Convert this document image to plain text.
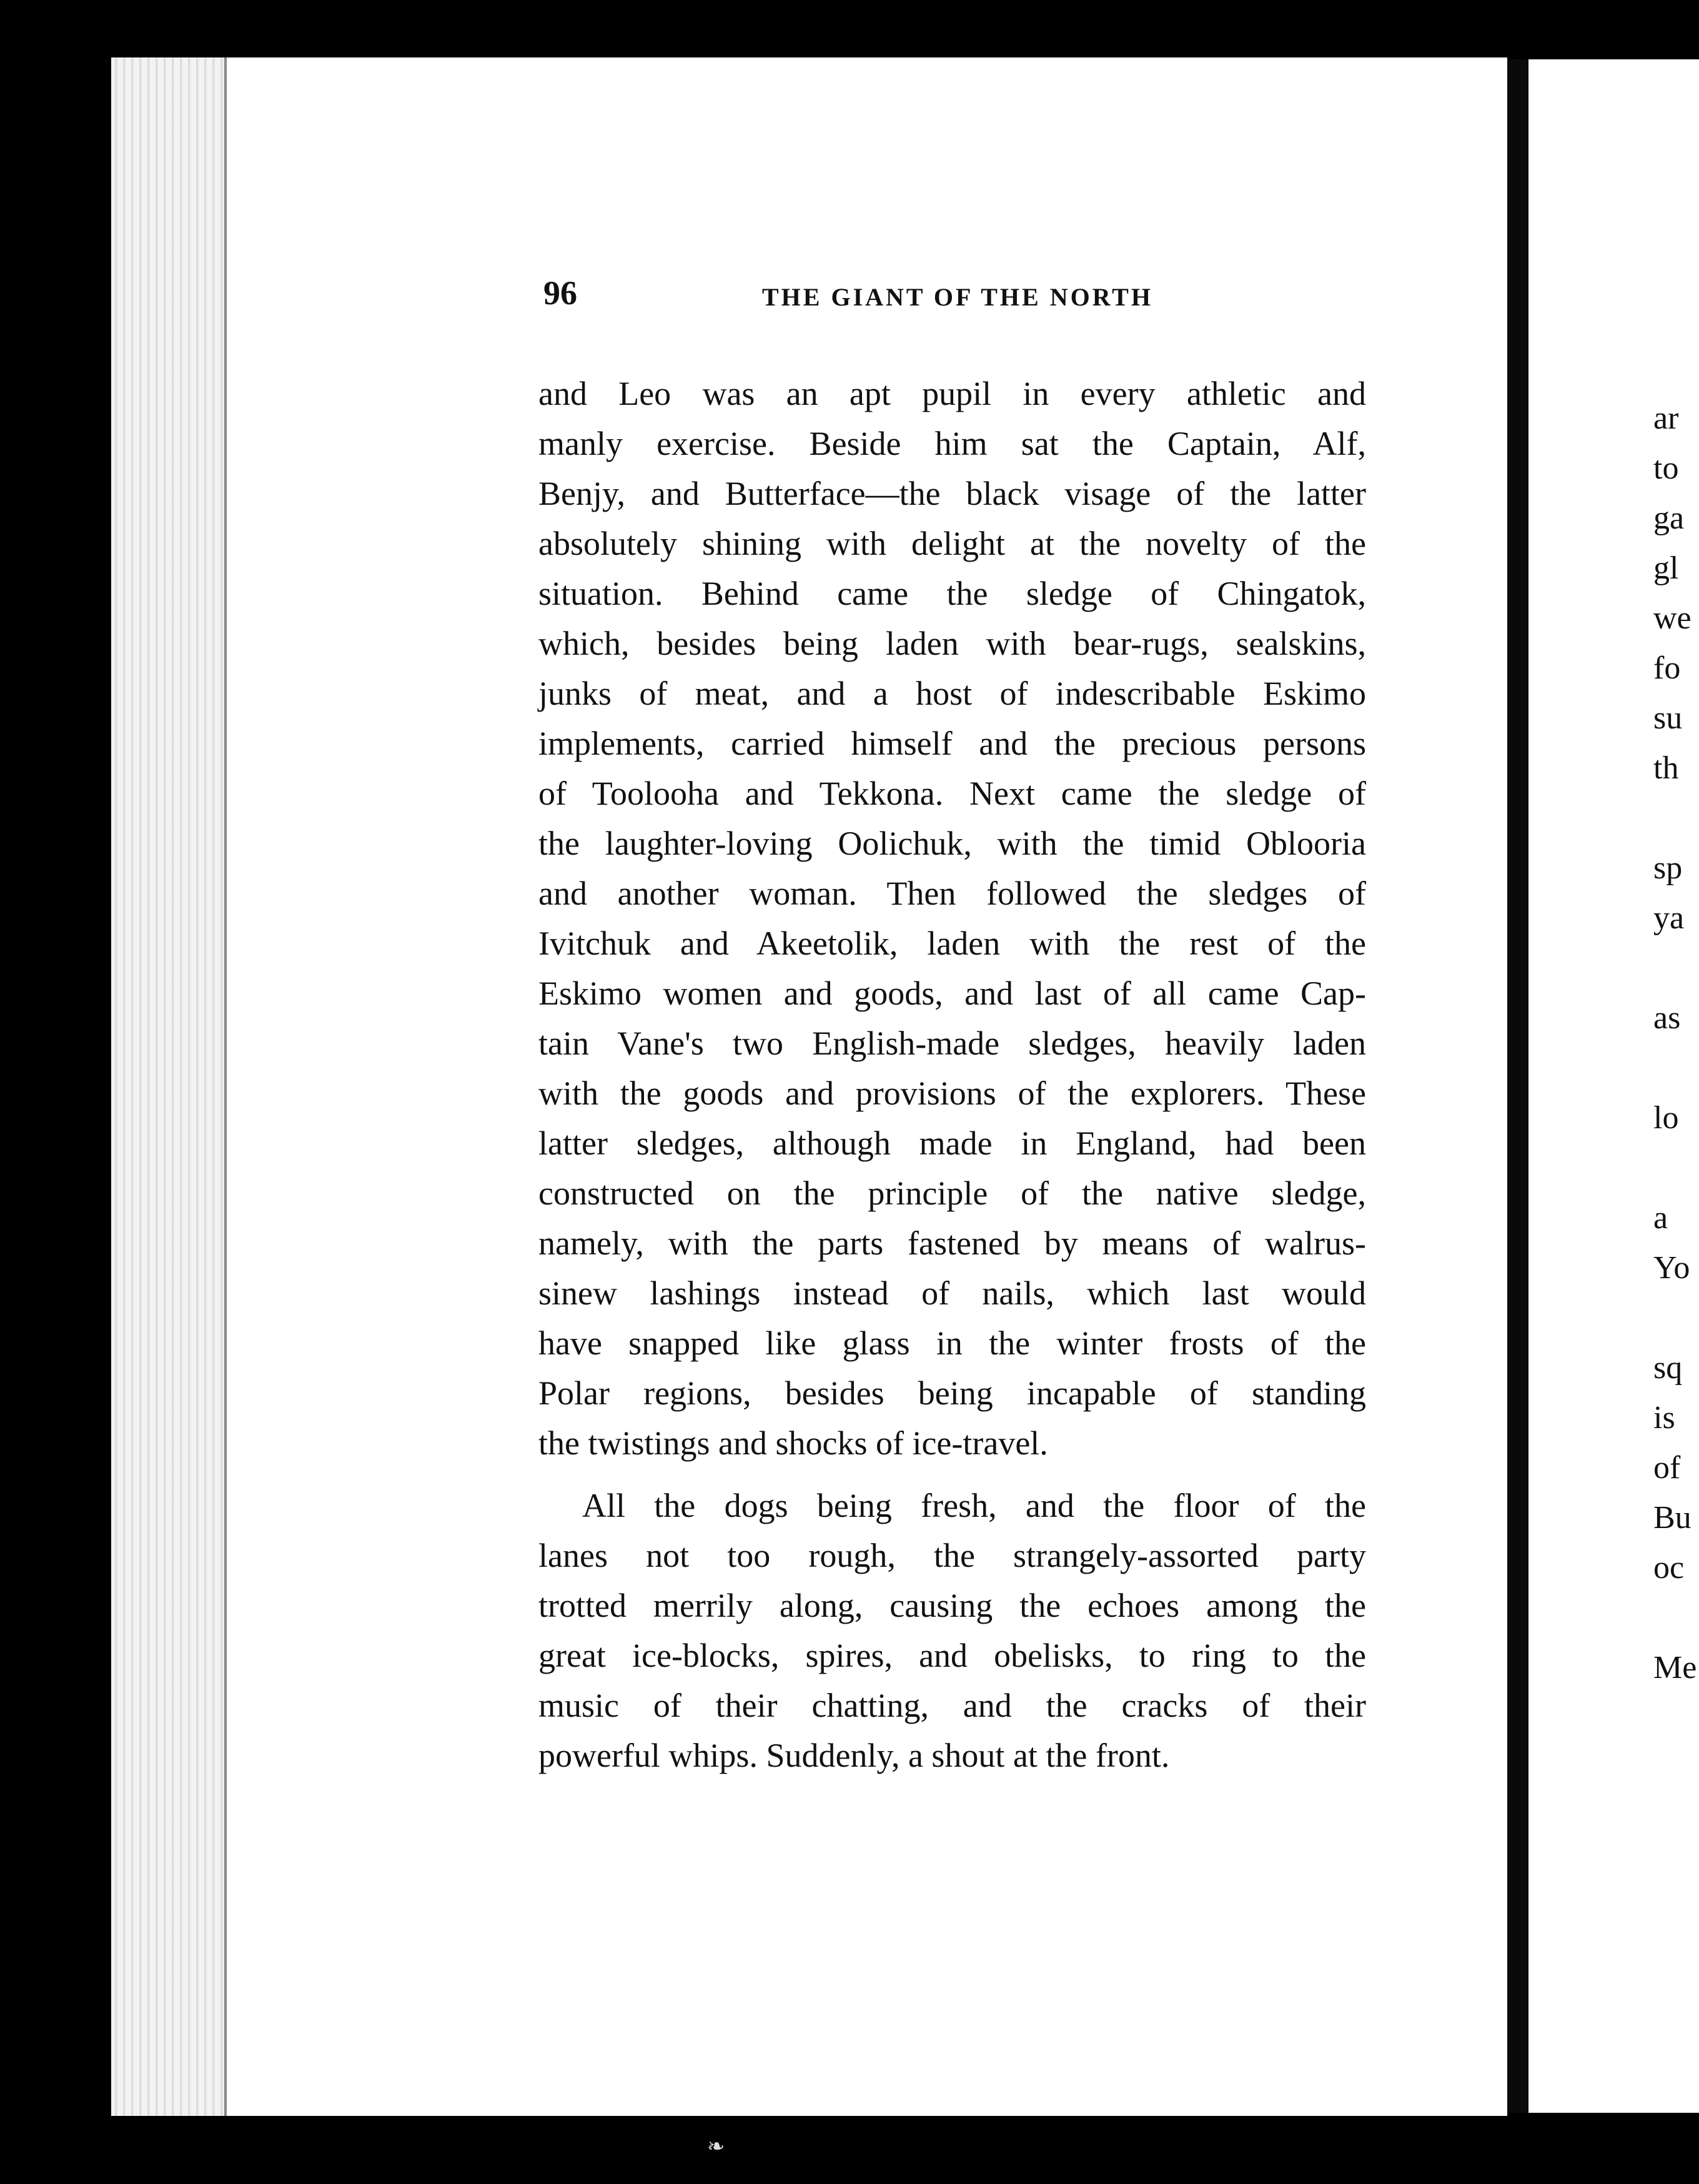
ar
to
ga
gl
we
fo
su
th
sp
ya
as
lo
a
Yo
sq
is
of
Bu
oc
Me
96	THE GIANT OF THE NORTH
and Leo was an apt pupil in every athletic and
manly exercise. Beside him sat the Captain, Alf,
Benjy, and Butterface—the black visage of the latter
absolutely shining with delight at the novelty of the
situation. Behind came the sledge of Chingatok,
which, besides being laden with bear-rugs, sealskins,
junks of meat, and a host of indescribable Eskimo
implements, carried himself and the precious persons
of Toolooha and Tekkona. Next came the sledge of
the laughter-loving Oolichuk, with the timid Oblooria
and another woman. Then followed the sledges of
Ivitchuk and Akeetolik, laden with the rest of the
Eskimo women and goods, and last of all came Cap-
tain Vane's two English-made sledges, heavily laden
with the goods and provisions of the explorers. These
latter sledges, although made in England, had been
constructed on the principle of the native sledge,
namely, with the parts fastened by means of walrus-
sinew lashings instead of nails, which last would
have snapped like glass in the winter frosts of the
Polar regions, besides being incapable of standing
the twistings and shocks of ice-travel.
All the dogs being fresh, and the floor of the
lanes not too rough, the strangely-assorted party
trotted merrily along, causing the echoes among the
great ice-blocks, spires, and obelisks, to ring to the
music of their chatting, and the cracks of their
powerful whips. Suddenly, a shout at the front.
❧
